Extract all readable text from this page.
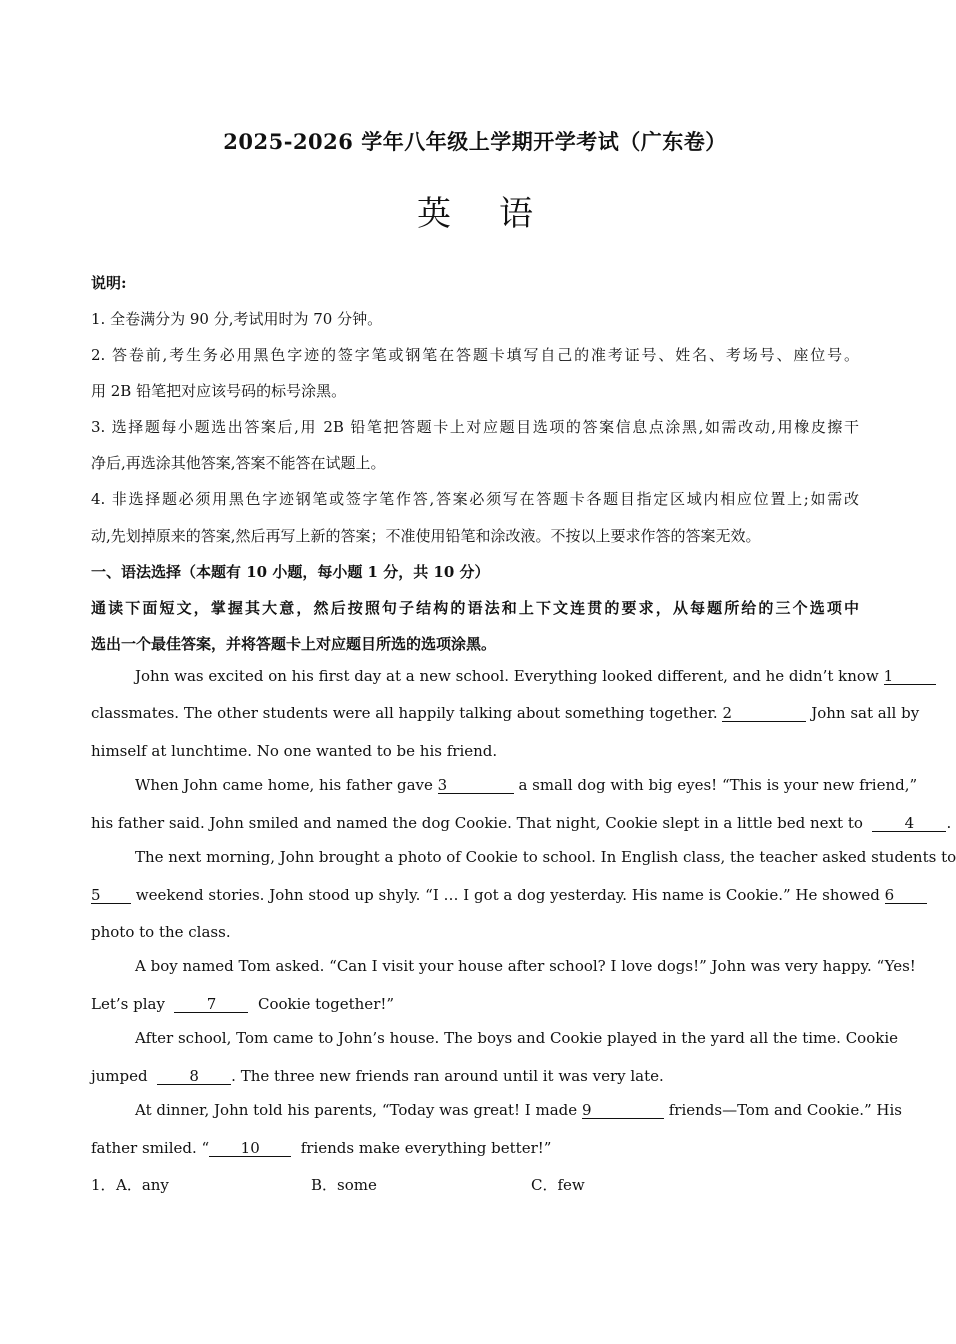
2025-2026 学年八年级上学期开学考试（广东卷）
英 语
说明:
1. 全卷满分为 90 分,考试用时为 70 分钟。
2. 答卷前,考生务必用黑色字迹的签字笔或钢笔在答题卡填写自己的准考证号、姓名、考场号、座位号。
用 2B 铅笔把对应该号码的标号涂黑。
3. 选择题每小题选出答案后,用 2B 铅笔把答题卡上对应题目选项的答案信息点涂黑,如需改动,用橡皮擦干
净后,再选涂其他答案,答案不能答在试题上。
4. 非选择题必须用黑色字迹钢笔或签字笔作答,答案必须写在答题卡各题目指定区域内相应位置上;如需改
动,先划掉原来的答案,然后再写上新的答案；不准使用铅笔和涂改液。不按以上要求作答的答案无效。
一、语法选择（本题有 10 小题，每小题 1 分，共 10 分）
通读下面短文，掌握其大意，然后按照句子结构的语法和上下文连贯的要求，从每题所给的三个选项中
选出一个最佳答案，并将答题卡上对应题目所选的选项涂黑。
John was excited on his first day at a new school. Everything looked different, and he didn’t know 1
classmates. The other students were all happily talking about something together. 2	John sat all by
himself at lunchtime. No one wanted to be his friend.
When John came home, his father gave 3	a small dog with big eyes! “This is your new friend,”
his father said. John smiled and named the dog Cookie. That night, Cookie slept in a little bed next to	4 .
The next morning, John brought a photo of Cookie to school. In English class, the teacher asked students to
5 weekend stories. John stood up shyly. “I … I got a dog yesterday. His name is Cookie.” He showed 6
photo to the class.
A boy named Tom asked. “Can I visit your house after school? I love dogs!” John was very happy. “Yes!
Let’s play	7	Cookie together!”
After school, Tom came to John’s house. The boys and Cookie played in the yard all the time. Cookie
jumped	8 . The three new friends ran around until it was very late.
At dinner, John told his parents, “Today was great! I made 9	friends—Tom and Cookie.” His
father smiled. “ 10	friends make everything better!”
1． A．any	B．some	C．few
